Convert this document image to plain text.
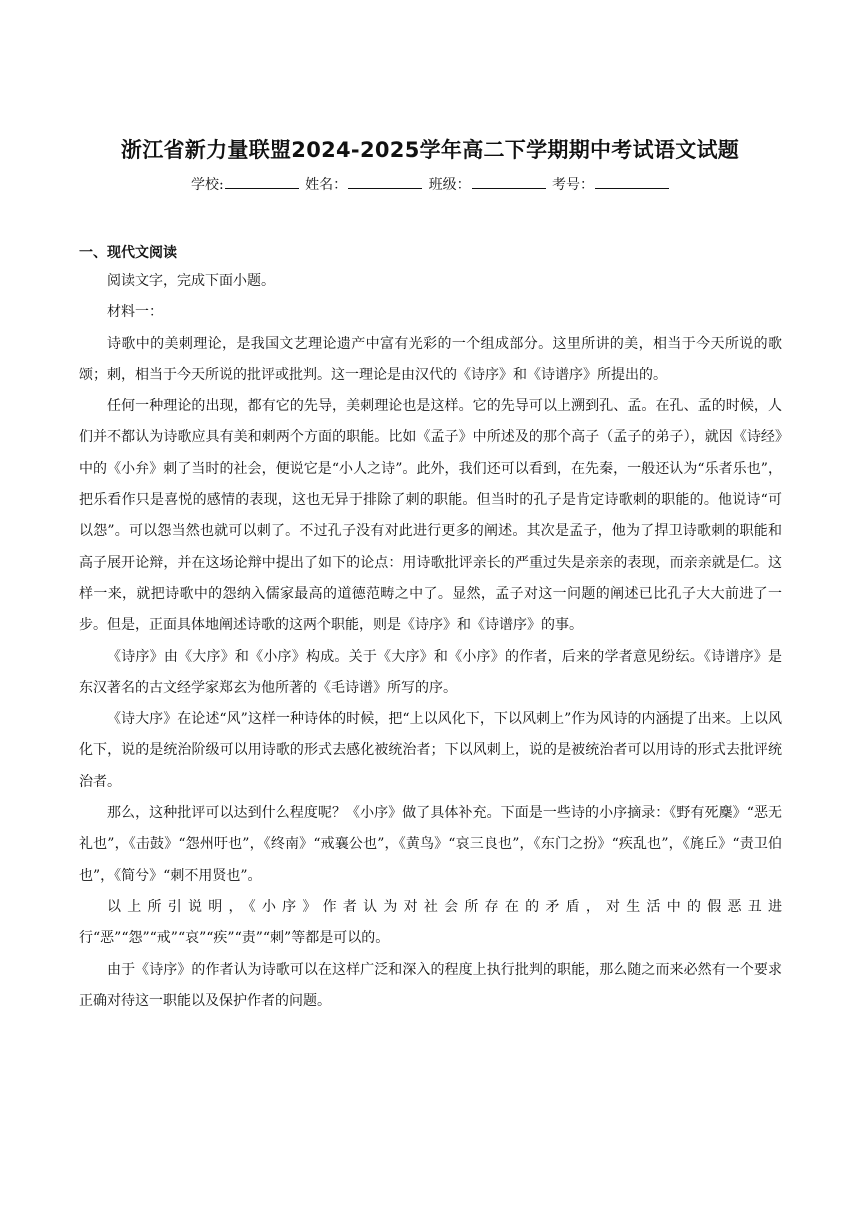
浙江省新力量联盟2024-2025学年高二下学期期中考试语文试题
学校:	姓名：	班级：	考号：
一、现代文阅读

阅读文字，完成下面小题。

材料一：

诗歌中的美刺理论，是我国文艺理论遗产中富有光彩的一个组成部分。这里所讲的美，相当于今天所说的歌颂；刺，相当于今天所说的批评或批判。这一理论是由汉代的《诗序》和《诗谱序》所提出的。

任何一种理论的出现，都有它的先导，美刺理论也是这样。它的先导可以上溯到孔、孟。在孔、孟的时候，人们并不都认为诗歌应具有美和刺两个方面的职能。比如《孟子》中所述及的那个高子（孟子的弟子），就因《诗经》中的《小弁》刺了当时的社会，便说它是“小人之诗”。此外，我们还可以看到，在先秦，一般还认为“乐者乐也”，把乐看作只是喜悦的感情的表现，这也无异于排除了刺的职能。但当时的孔子是肯定诗歌刺的职能的。他说诗“可以怨”。可以怨当然也就可以刺了。不过孔子没有对此进行更多的阐述。其次是孟子，他为了捍卫诗歌刺的职能和高子展开论辩，并在这场论辩中提出了如下的论点：用诗歌批评亲长的严重过失是亲亲的表现，而亲亲就是仁。这样一来，就把诗歌中的怨纳入儒家最高的道德范畴之中了。显然，孟子对这一问题的阐述已比孔子大大前进了一步。但是，正面具体地阐述诗歌的这两个职能，则是《诗序》和《诗谱序》的事。

《诗序》由《大序》和《小序》构成。关于《大序》和《小序》的作者，后来的学者意见纷纭。《诗谱序》是东汉著名的古文经学家郑玄为他所著的《毛诗谱》所写的序。

《诗大序》在论述“风”这样一种诗体的时候，把“上以风化下，下以风刺上”作为风诗的内涵提了出来。上以风化下，说的是统治阶级可以用诗歌的形式去感化被统治者；下以风刺上，说的是被统治者可以用诗的形式去批评统治者。

那么，这种批评可以达到什么程度呢？《小序》做了具体补充。下面是一些诗的小序摘录：《野有死麇》“恶无礼也”，《击鼓》“怨州吁也”，《终南》“戒襄公也”，《黄鸟》“哀三良也”，《东门之扮》“疾乱也”，《旄丘》“责卫伯也”，《简兮》“刺不用贤也”。

以上所引说明，《小序》作者认为对社会所存在的矛盾，对生活中的假恶丑进行“恶”“怨”“戒”“哀”“疾”“责”“刺”等都是可以的。

由于《诗序》的作者认为诗歌可以在这样广泛和深入的程度上执行批判的职能，那么随之而来必然有一个要求正确对待这一职能以及保护作者的问题。
